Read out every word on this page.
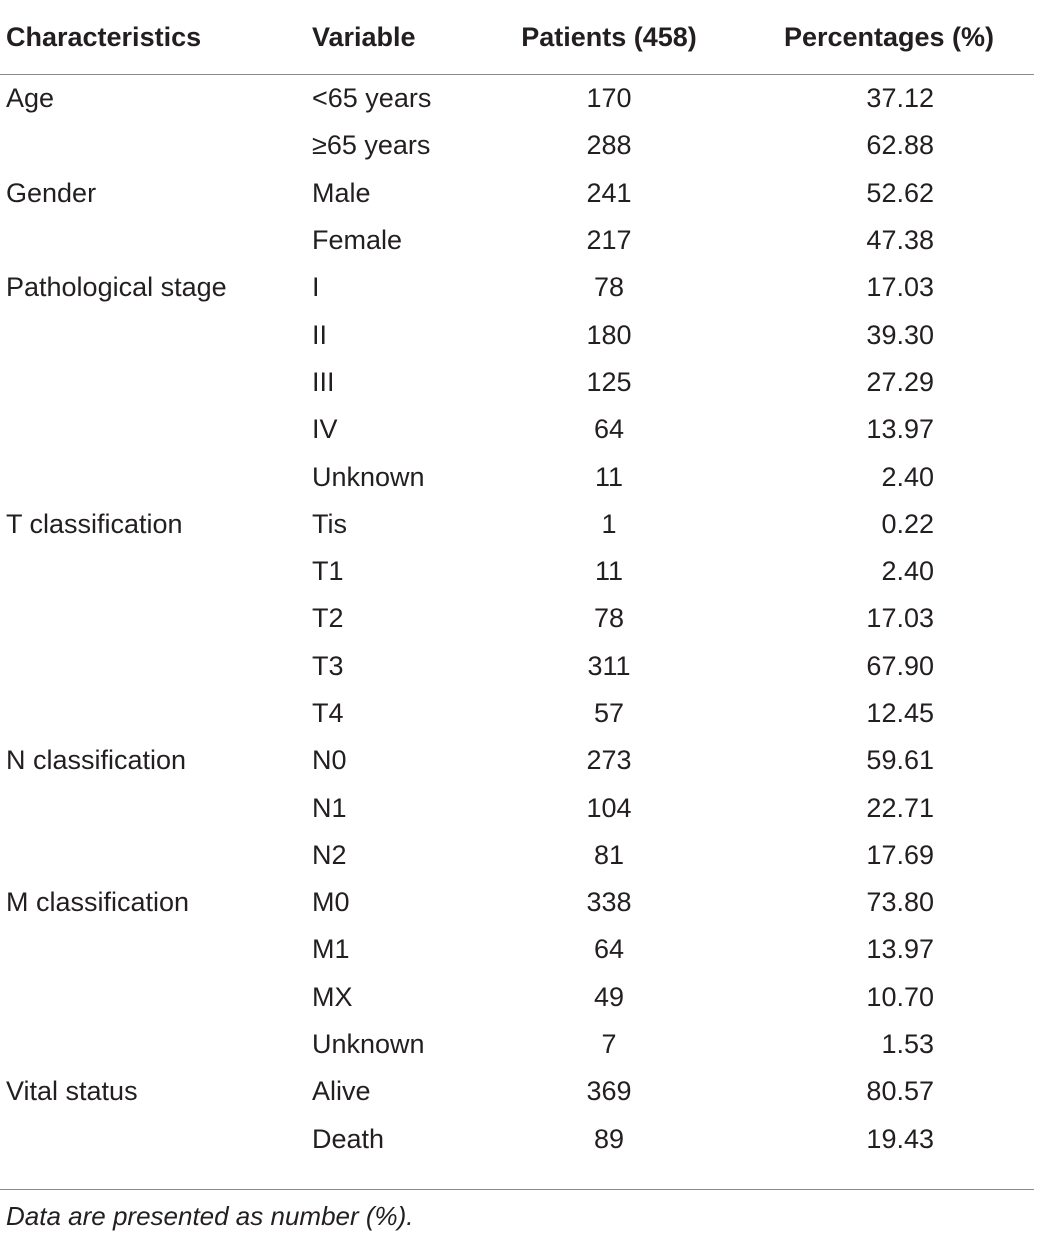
Characteristics	Variable	Patients (458)	Percentages (%)
Age	<65 years	170	37.12
	≥65 years	288	62.88
Gender	Male	241	52.62
	Female	217	47.38
Pathological stage	I	78	17.03
	II	180	39.30
	III	125	27.29
	IV	64	13.97
	Unknown	11	2.40
T classification	Tis	1	0.22
	T1	11	2.40
	T2	78	17.03
	T3	311	67.90
	T4	57	12.45
N classification	N0	273	59.61
	N1	104	22.71
	N2	81	17.69
M classification	M0	338	73.80
	M1	64	13.97
	MX	49	10.70
	Unknown	7	1.53
Vital status	Alive	369	80.57
	Death	89	19.43
Data are presented as number (%).
